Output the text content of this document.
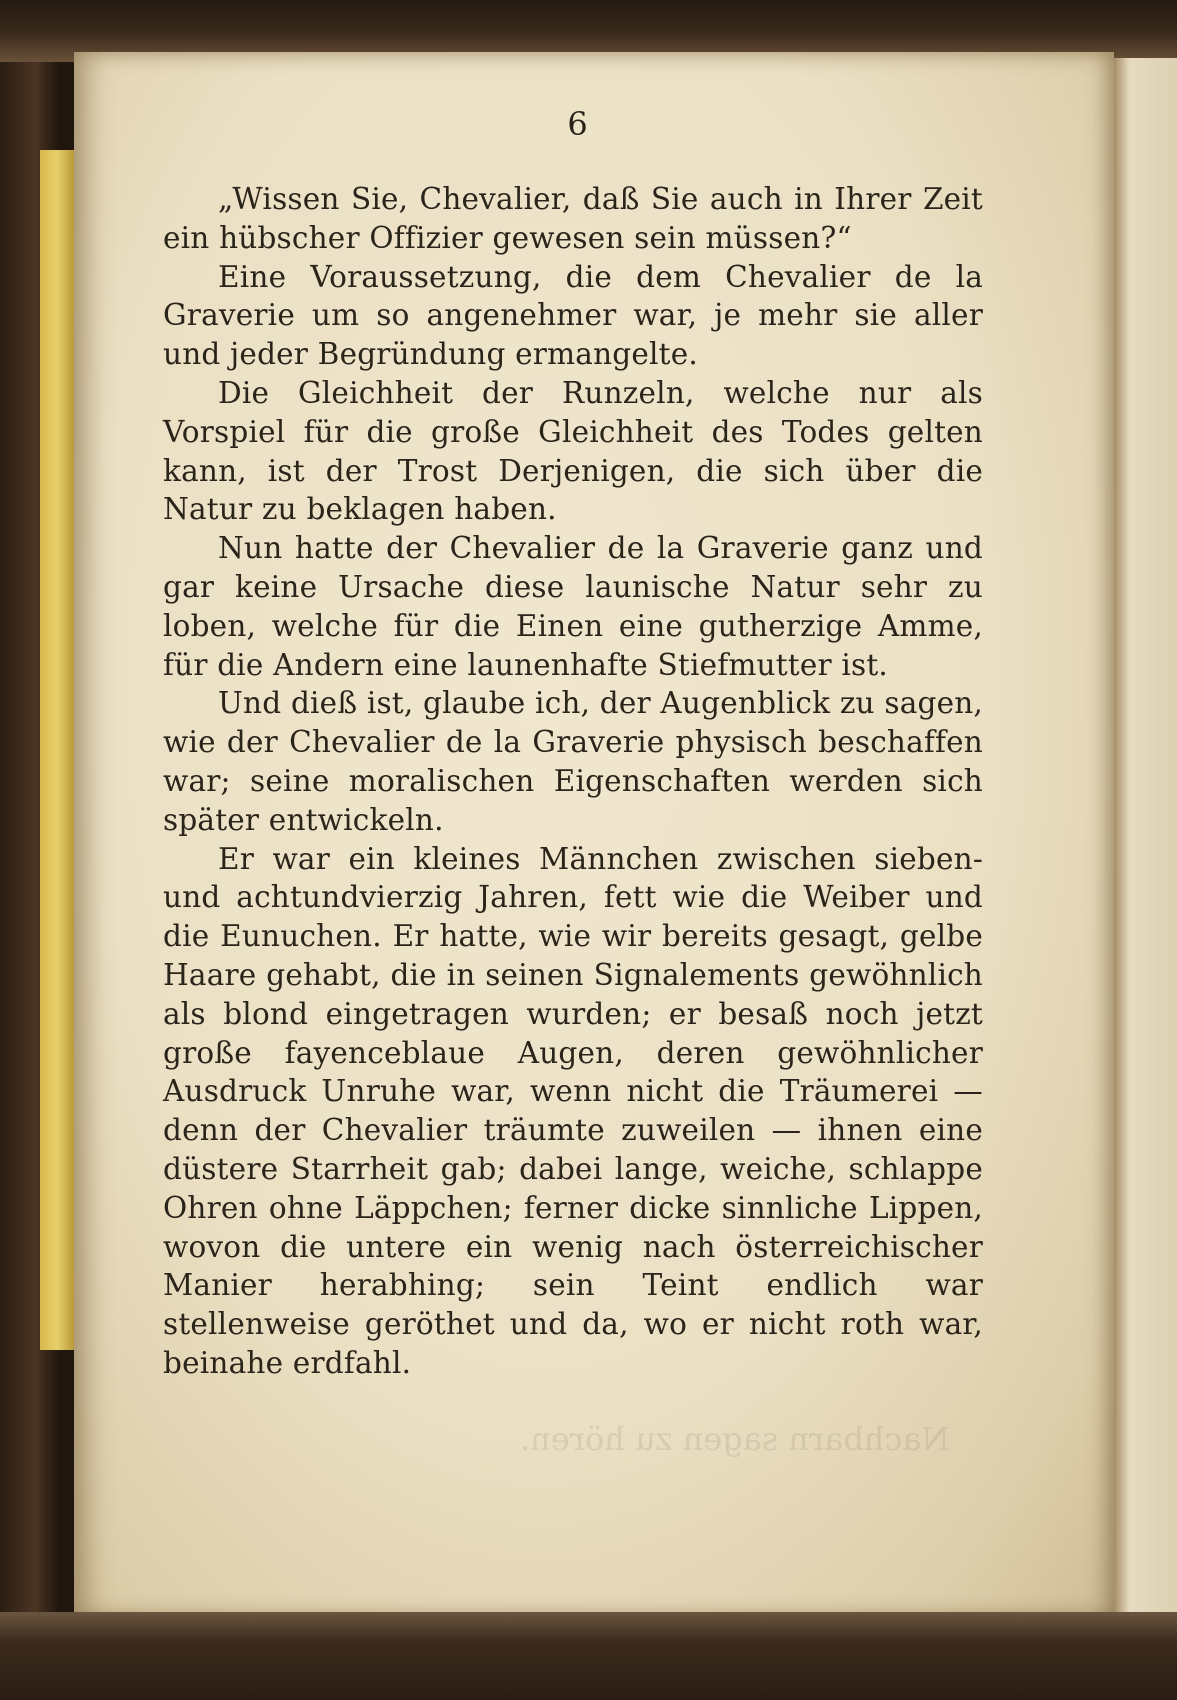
Nachbarn sagen zu hören.
6

„Wissen Sie, Chevalier, daß Sie auch in Ihrer Zeit ein hübscher Offizier gewesen sein müssen?“

Eine Voraussetzung, die dem Chevalier de la Graverie um so angenehmer war, je mehr sie aller und jeder Begründung ermangelte.

Die Gleichheit der Runzeln, welche nur als Vorspiel für die große Gleichheit des Todes gelten kann, ist der Trost Derjenigen, die sich über die Natur zu beklagen haben.

Nun hatte der Chevalier de la Graverie ganz und gar keine Ursache diese launische Natur sehr zu loben, welche für die Einen eine gutherzige Amme, für die Andern eine launenhafte Stiefmutter ist.

Und dieß ist, glaube ich, der Augenblick zu sagen, wie der Chevalier de la Graverie physisch beschaffen war; seine moralischen Eigenschaften werden sich später entwickeln.

Er war ein kleines Männchen zwischen sieben- und achtundvierzig Jahren, fett wie die Weiber und die Eunuchen. Er hatte, wie wir bereits gesagt, gelbe Haare gehabt, die in seinen Signalements gewöhnlich als blond eingetragen wurden; er besaß noch jetzt große fayenceblaue Augen, deren gewöhnlicher Ausdruck Unruhe war, wenn nicht die Träumerei — denn der Chevalier träumte zuweilen — ihnen eine düstere Starrheit gab; dabei lange, weiche, schlappe Ohren ohne Läppchen; ferner dicke sinnliche Lippen, wovon die untere ein wenig nach österreichischer Manier herabhing; sein Teint endlich war stellenweise geröthet und da, wo er nicht roth war, beinahe erdfahl.
